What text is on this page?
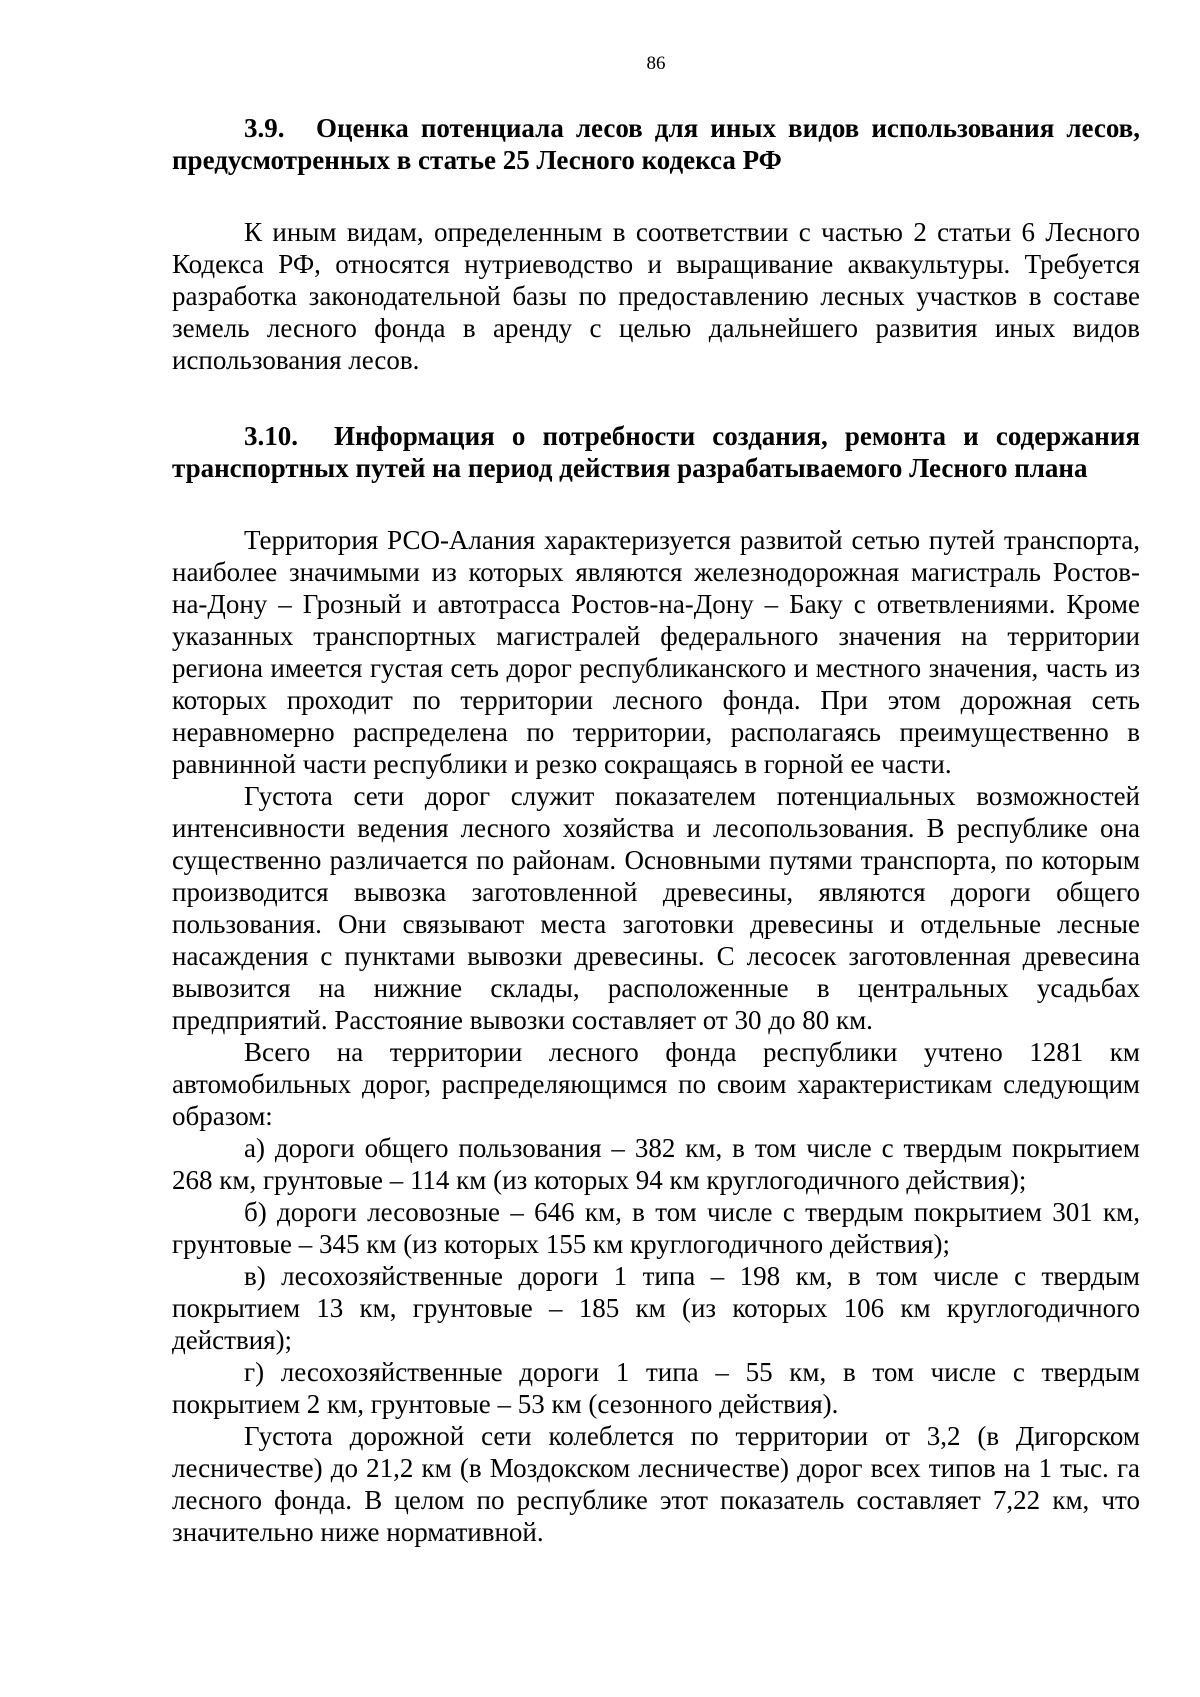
86

3.9. Оценка потенциала лесов для иных видов использования лесов, предусмотренных в статье 25 Лесного кодекса РФ

К иным видам, определенным в соответствии с частью 2 статьи 6 Лесного Кодекса РФ, относятся нутриеводство и выращивание аквакультуры. Требуется разработка законодательной базы по предоставлению лесных участков в составе земель лесного фонда в аренду с целью дальнейшего развития иных видов использования лесов.

3.10. Информация о потребности создания, ремонта и содержания транспортных путей на период действия разрабатываемого Лесного плана

Территория РСО-Алания характеризуется развитой сетью путей транспорта, наиболее значимыми из которых являются железнодорожная магистраль Ростов-на-Дону – Грозный и автотрасса Ростов-на-Дону – Баку с ответвлениями. Кроме указанных транспортных магистралей федерального значения на территории региона имеется густая сеть дорог республиканского и местного значения, часть из которых проходит по территории лесного фонда. При этом дорожная сеть неравномерно распределена по территории, располагаясь преимущественно в равнинной части республики и резко сокращаясь в горной ее части.

Густота сети дорог служит показателем потенциальных возможностей интенсивности ведения лесного хозяйства и лесопользования. В республике она существенно различается по районам. Основными путями транспорта, по которым производится вывозка заготовленной древесины, являются дороги общего пользования. Они связывают места заготовки древесины и отдельные лесные насаждения с пунктами вывозки древесины. С лесосек заготовленная древесина вывозится на нижние склады, расположенные в центральных усадьбах предприятий. Расстояние вывозки составляет от 30 до 80 км.

Всего на территории лесного фонда республики учтено 1281 км автомобильных дорог, распределяющимся по своим характеристикам следующим образом:

а) дороги общего пользования – 382 км, в том числе с твердым покрытием 268 км, грунтовые – 114 км (из которых 94 км круглогодичного действия);

б) дороги лесовозные – 646 км, в том числе с твердым покрытием 301 км, грунтовые – 345 км (из которых 155 км круглогодичного действия);

в) лесохозяйственные дороги 1 типа – 198 км, в том числе с твердым покрытием 13 км, грунтовые – 185 км (из которых 106 км круглогодичного действия);

г) лесохозяйственные дороги 1 типа – 55 км, в том числе с твердым покрытием 2 км, грунтовые – 53 км (сезонного действия).

Густота дорожной сети колеблется по территории от 3,2 (в Дигорском лесничестве) до 21,2 км (в Моздокском лесничестве) дорог всех типов на 1 тыс. га лесного фонда. В целом по республике этот показатель составляет 7,22 км, что значительно ниже нормативной.
